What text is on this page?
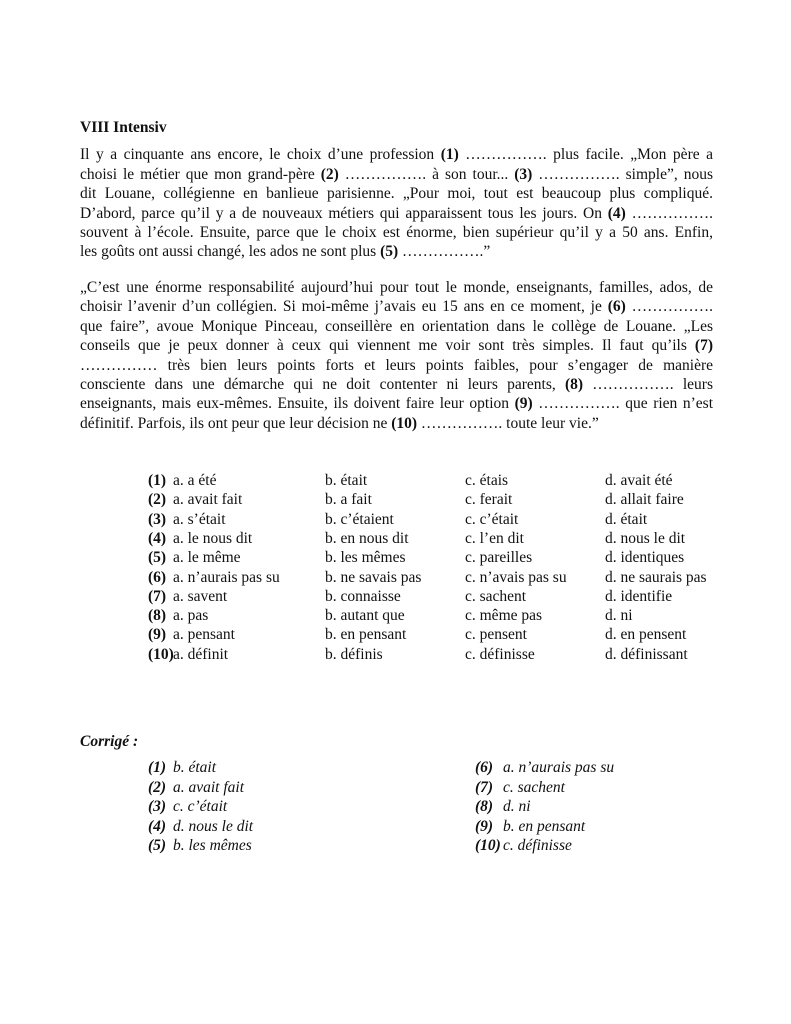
VIII Intensiv
Il y a cinquante ans encore, le choix d’une profession (1) ……………. plus facile. „Mon père a
choisi le métier que mon grand-père (2) ……………. à son tour... (3) ……………. simple”, nous
dit Louane, collégienne en banlieue parisienne. „Pour moi, tout est beaucoup plus compliqué.
D’abord, parce qu’il y a de nouveaux métiers qui apparaissent tous les jours. On (4) …………….
souvent à l’école. Ensuite, parce que le choix est énorme, bien supérieur qu’il y a 50 ans. Enfin,
les goûts ont aussi changé, les ados ne sont plus (5) …………….”
„C’est une énorme responsabilité aujourd’hui pour tout le monde, enseignants, familles, ados, de
choisir l’avenir d’un collégien. Si moi-même j’avais eu 15 ans en ce moment, je (6) …………….
que faire”, avoue Monique Pinceau, conseillère en orientation dans le collège de Louane. „Les
conseils que je peux donner à ceux qui viennent me voir sont très simples. Il faut qu’ils (7)
…………… très bien leurs points forts et leurs points faibles, pour s’engager de manière
consciente dans une démarche qui ne doit contenter ni leurs parents, (8) ……………. leurs
enseignants, mais eux-mêmes. Ensuite, ils doivent faire leur option (9) ……………. que rien n’est
définitif. Parfois, ils ont peur que leur décision ne (10) ……………. toute leur vie.”
(1) a. a été	b. était	c. étais	d. avait été
(2) a. avait fait	b. a fait	c. ferait	d. allait faire
(3) a. s’était	b. c’étaient	c. c’était	d. était
(4) a. le nous dit	b. en nous dit	c. l’en dit	d. nous le dit
(5) a. le même	b. les mêmes	c. pareilles	d. identiques
(6) a. n’aurais pas su	b. ne savais pas	c. n’avais pas su d. ne saurais pas
(7) a. savent	b. connaisse	c. sachent	d. identifie
(8) a. pas	b. autant que	c. même pas	d. ni
(9) a. pensant	b. en pensant	c. pensent	d. en pensent
(10) a. définit	b. définis	c. définisse	d. définissant
Corrigé :
(1) b. était
(2) a. avait fait
(3) c. c’était
(4) d. nous le dit
(5) b. les mêmes
(6) a. n’aurais pas su
(7) c. sachent
(8) d. ni
(9) b. en pensant
(10) c. définisse
